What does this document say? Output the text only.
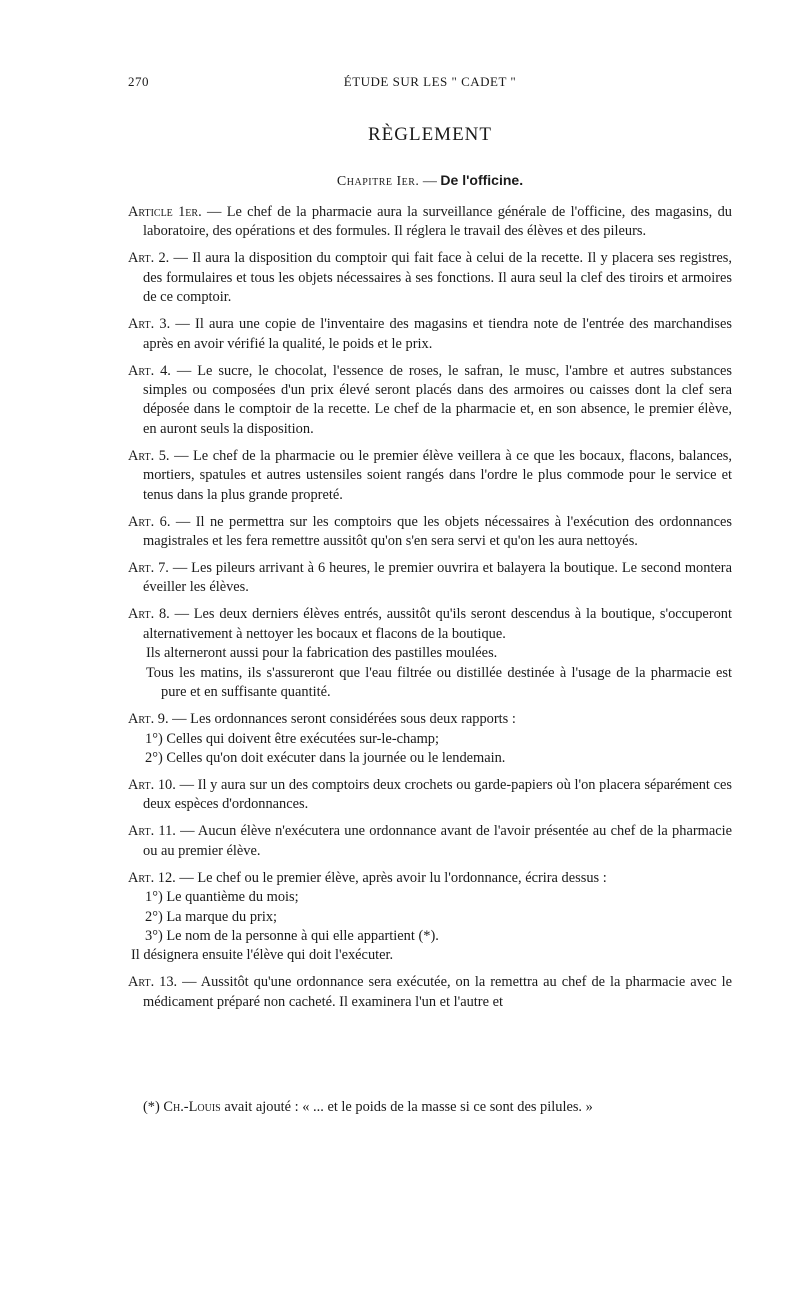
270	ÉTUDE SUR LES " CADET "
RÈGLEMENT
Chapitre Ier. — De l'officine.

Article 1er. — Le chef de la pharmacie aura la surveillance générale de l'officine, des magasins, du laboratoire, des opérations et des formules. Il réglera le travail des élèves et des pileurs.

Art. 2. — Il aura la disposition du comptoir qui fait face à celui de la recette. Il y placera ses registres, des formulaires et tous les objets nécessaires à ses fonctions. Il aura seul la clef des tiroirs et armoires de ce comptoir.

Art. 3. — Il aura une copie de l'inventaire des magasins et tiendra note de l'entrée des marchandises après en avoir vérifié la qualité, le poids et le prix.

Art. 4. — Le sucre, le chocolat, l'essence de roses, le safran, le musc, l'ambre et autres substances simples ou composées d'un prix élevé seront placés dans des armoires ou caisses dont la clef sera déposée dans le comptoir de la recette. Le chef de la pharmacie et, en son absence, le premier élève, en auront seuls la disposition.

Art. 5. — Le chef de la pharmacie ou le premier élève veillera à ce que les bocaux, flacons, balances, mortiers, spatules et autres ustensiles soient rangés dans l'ordre le plus commode pour le service et tenus dans la plus grande propreté.

Art. 6. — Il ne permettra sur les comptoirs que les objets nécessaires à l'exécution des ordonnances magistrales et les fera remettre aussitôt qu'on s'en sera servi et qu'on les aura nettoyés.

Art. 7. — Les pileurs arrivant à 6 heures, le premier ouvrira et balayera la boutique. Le second montera éveiller les élèves.

Art. 8. — Les deux derniers élèves entrés, aussitôt qu'ils seront descendus à la boutique, s'occuperont alternativement à nettoyer les bocaux et flacons de la boutique.

Ils alterneront aussi pour la fabrication des pastilles moulées.

Tous les matins, ils s'assureront que l'eau filtrée ou distillée destinée à l'usage de la pharmacie est pure et en suffisante quantité.

Art. 9. — Les ordonnances seront considérées sous deux rapports :

1°) Celles qui doivent être exécutées sur-le-champ;

2°) Celles qu'on doit exécuter dans la journée ou le lendemain.

Art. 10. — Il y aura sur un des comptoirs deux crochets ou garde-papiers où l'on placera séparément ces deux espèces d'ordonnances.

Art. 11. — Aucun élève n'exécutera une ordonnance avant de l'avoir présentée au chef de la pharmacie ou au premier élève.

Art. 12. — Le chef ou le premier élève, après avoir lu l'ordonnance, écrira dessus :

1°) Le quantième du mois;

2°) La marque du prix;

3°) Le nom de la personne à qui elle appartient (*).

Il désignera ensuite l'élève qui doit l'exécuter.

Art. 13. — Aussitôt qu'une ordonnance sera exécutée, on la remettra au chef de la pharmacie avec le médicament préparé non cacheté. Il examinera l'un et l'autre et

(*) Ch.-Louis avait ajouté : « ... et le poids de la masse si ce sont des pilules. »
